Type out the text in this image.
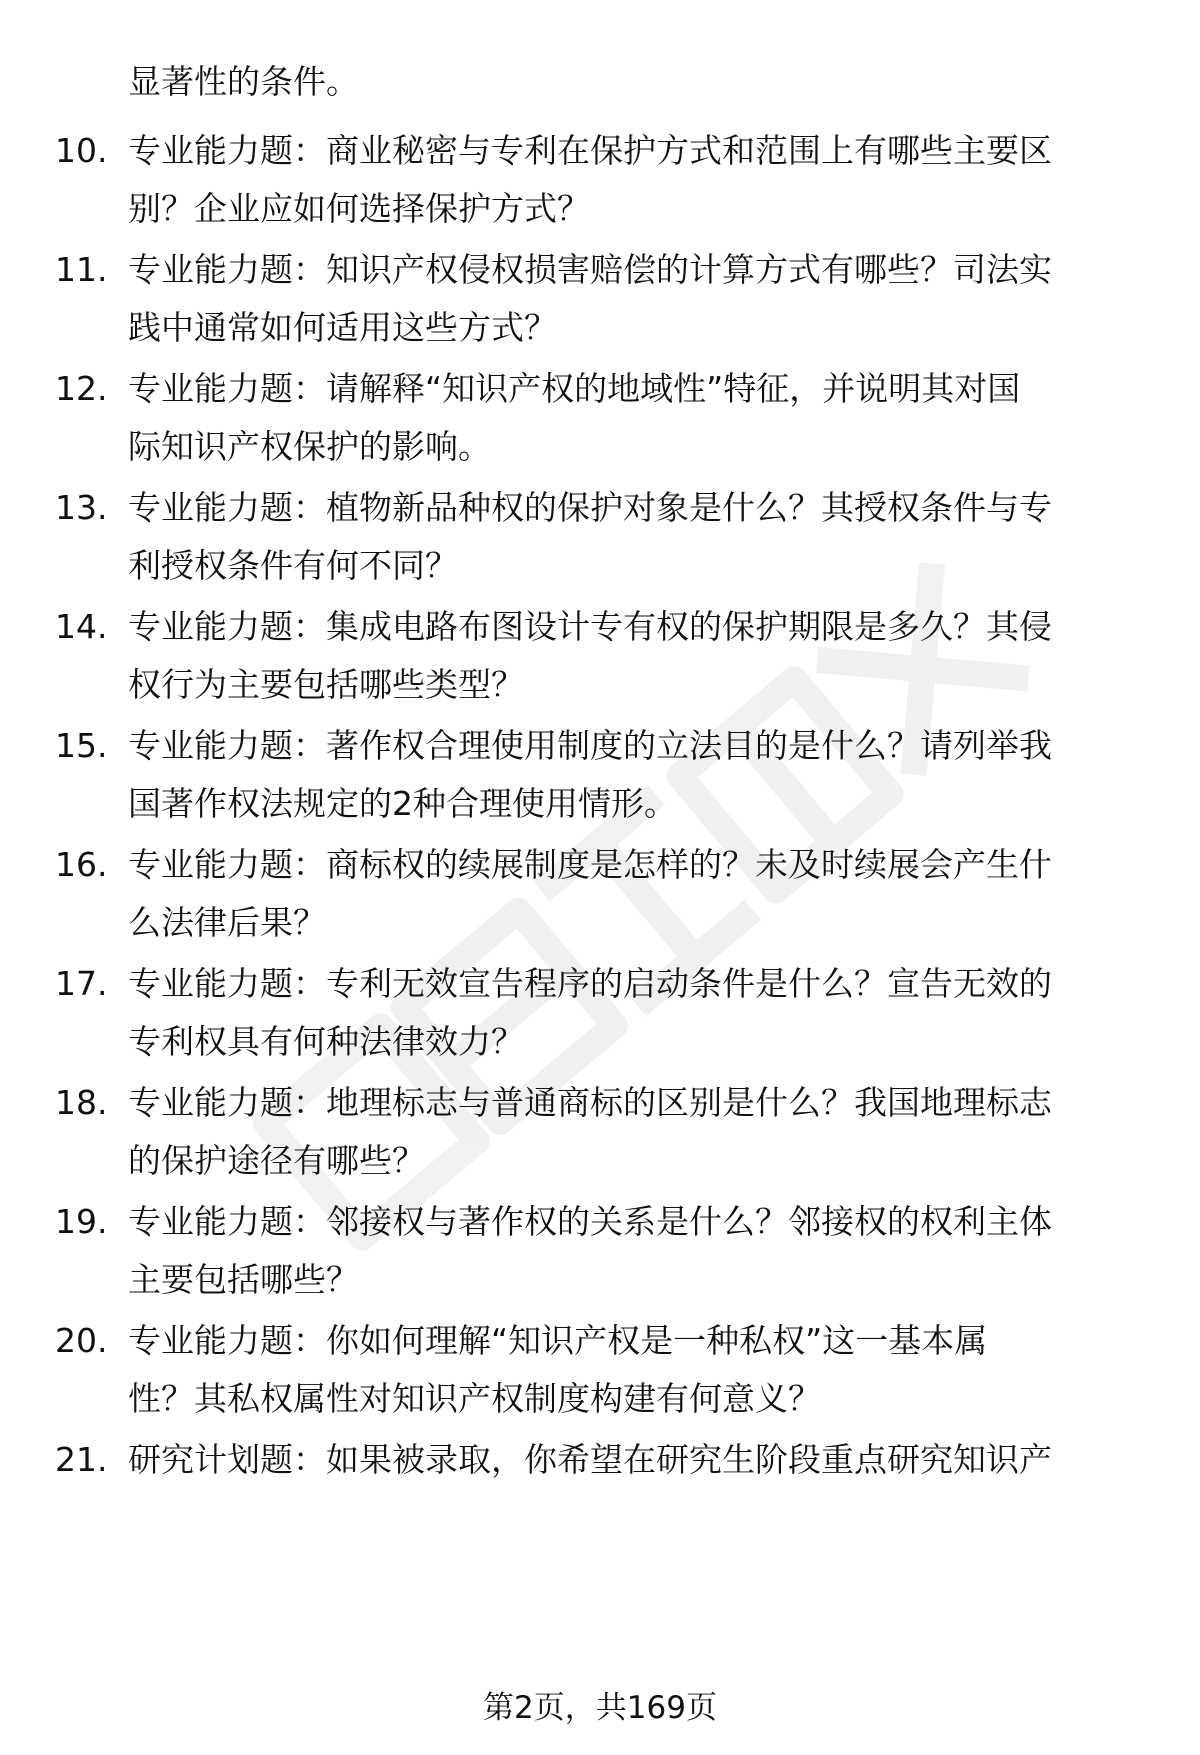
显著性的条件。
10. 专业能力题：商业秘密与专利在保护方式和范围上有哪些主要区
别？企业应如何选择保护方式？
11. 专业能力题：知识产权侵权损害赔偿的计算方式有哪些？司法实
践中通常如何适用这些方式？
12. 专业能力题：请解释“知识产权的地域性”特征，并说明其对国
际知识产权保护的影响。
13. 专业能力题：植物新品种权的保护对象是什么？其授权条件与专
利授权条件有何不同？
14. 专业能力题：集成电路布图设计专有权的保护期限是多久？其侵
权行为主要包括哪些类型？
15. 专业能力题：著作权合理使用制度的立法目的是什么？请列举我
国著作权法规定的2种合理使用情形。
16. 专业能力题：商标权的续展制度是怎样的？未及时续展会产生什
么法律后果？
17. 专业能力题：专利无效宣告程序的启动条件是什么？宣告无效的
专利权具有何种法律效力？
18. 专业能力题：地理标志与普通商标的区别是什么？我国地理标志
的保护途径有哪些？
19. 专业能力题：邻接权与著作权的关系是什么？邻接权的权利主体
主要包括哪些？
20. 专业能力题：你如何理解“知识产权是一种私权”这一基本属
性？其私权属性对知识产权制度构建有何意义？
21. 研究计划题：如果被录取，你希望在研究生阶段重点研究知识产
第2页，共169页
